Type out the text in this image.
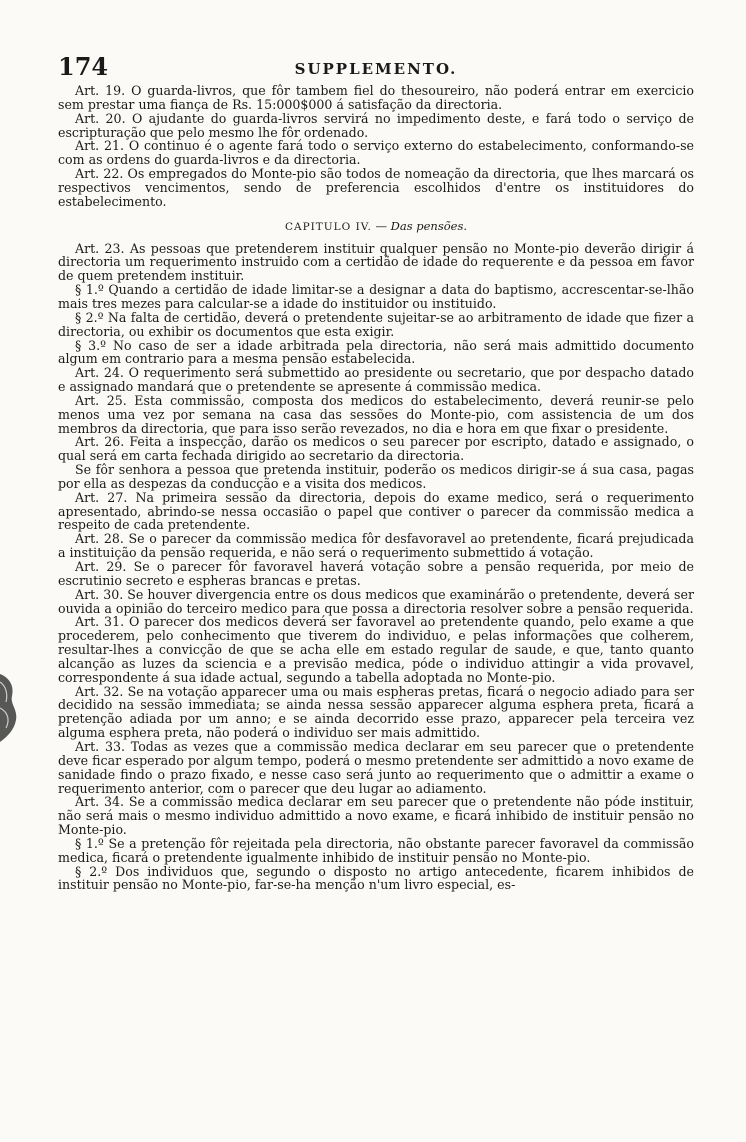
174	SUPPLEMENTO.

Art. 19. O guarda-livros, que fôr tambem fiel do thesoureiro, não poderá entrar em exercicio sem prestar uma fiança de Rs. 15:000$000 á satisfação da directoria.

Art. 20. O ajudante do guarda-livros servirá no impedimento deste, e fará todo o serviço de escripturação que pelo mesmo lhe fôr ordenado.

Art. 21. O continuo é o agente fará todo o serviço externo do estabelecimento, conformando-se com as ordens do guarda-livros e da directoria.

Art. 22. Os empregados do Monte-pio são todos de nomeação da directoria, que lhes marcará os respectivos vencimentos, sendo de preferencia escolhidos d'entre os instituidores do estabelecimento.

CAPITULO IV. — Das pensões.

Art. 23. As pessoas que pretenderem instituir qualquer pensão no Monte-pio deverão dirigir á directoria um requerimento instruido com a certidão de idade do requerente e da pessoa em favor de quem pretendem instituir.

§ 1.º Quando a certidão de idade limitar-se a designar a data do baptismo, accrescentar-se-lhão mais tres mezes para calcular-se a idade do instituidor ou instituido.

§ 2.º Na falta de certidão, deverá o pretendente sujeitar-se ao arbitramento de idade que fizer a directoria, ou exhibir os documentos que esta exigir.

§ 3.º No caso de ser a idade arbitrada pela directoria, não será mais admittido documento algum em contrario para a mesma pensão estabelecida.

Art. 24. O requerimento será submettido ao presidente ou secretario, que por despacho datado e assignado mandará que o pretendente se apresente á commissão medica.

Art. 25. Esta commissão, composta dos medicos do estabelecimento, deverá reunir-se pelo menos uma vez por semana na casa das sessões do Monte-pio, com assistencia de um dos membros da directoria, que para isso serão revezados, no dia e hora em que fixar o presidente.

Art. 26. Feita a inspecção, darão os medicos o seu parecer por escripto, datado e assignado, o qual será em carta fechada dirigido ao secretario da directoria.

Se fôr senhora a pessoa que pretenda instituir, poderão os medicos dirigir-se á sua casa, pagas por ella as despezas da conducção e a visita dos medicos.

Art. 27. Na primeira sessão da directoria, depois do exame medico, será o requerimento apresentado, abrindo-se nessa occasião o papel que contiver o parecer da commissão medica a respeito de cada pretendente.

Art. 28. Se o parecer da commissão medica fôr desfavoravel ao pretendente, ficará prejudicada a instituição da pensão requerida, e não será o requerimento submettido á votação.

Art. 29. Se o parecer fôr favoravel haverá votação sobre a pensão requerida, por meio de escrutinio secreto e espheras brancas e pretas.

Art. 30. Se houver divergencia entre os dous medicos que examinárão o pretendente, deverá ser ouvida a opinião do terceiro medico para que possa a directoria resolver sobre a pensão requerida.

Art. 31. O parecer dos medicos deverá ser favoravel ao pretendente quando, pelo exame a que procederem, pelo conhecimento que tiverem do individuo, e pelas informações que colherem, resultar-lhes a convicção de que se acha elle em estado regular de saude, e que, tanto quanto alcanção as luzes da sciencia e a previsão medica, póde o individuo attingir a vida provavel, correspondente á sua idade actual, segundo a tabella adoptada no Monte-pio.

Art. 32. Se na votação apparecer uma ou mais espheras pretas, ficará o negocio adiado para ser decidido na sessão immediata; se ainda nessa sessão apparecer alguma esphera preta, ficará a pretenção adiada por um anno; e se ainda decorrido esse prazo, apparecer pela terceira vez alguma esphera preta, não poderá o individuo ser mais admittido.

Art. 33. Todas as vezes que a commissão medica declarar em seu parecer que o pretendente deve ficar esperado por algum tempo, poderá o mesmo pretendente ser admittido a novo exame de sanidade findo o prazo fixado, e nesse caso será junto ao requerimento que o admittir a exame o requerimento anterior, com o parecer que deu lugar ao adiamento.

Art. 34. Se a commissão medica declarar em seu parecer que o pretendente não póde instituir, não será mais o mesmo individuo admittido a novo exame, e ficará inhibido de instituir pensão no Monte-pio.

§ 1.º Se a pretenção fôr rejeitada pela directoria, não obstante parecer favoravel da commissão medica, ficará o pretendente igualmente inhibido de instituir pensão no Monte-pio.

§ 2.º Dos individuos que, segundo o disposto no artigo antecedente, ficarem inhibidos de instituir pensão no Monte-pio, far-se-ha menção n'um livro especial, es-
